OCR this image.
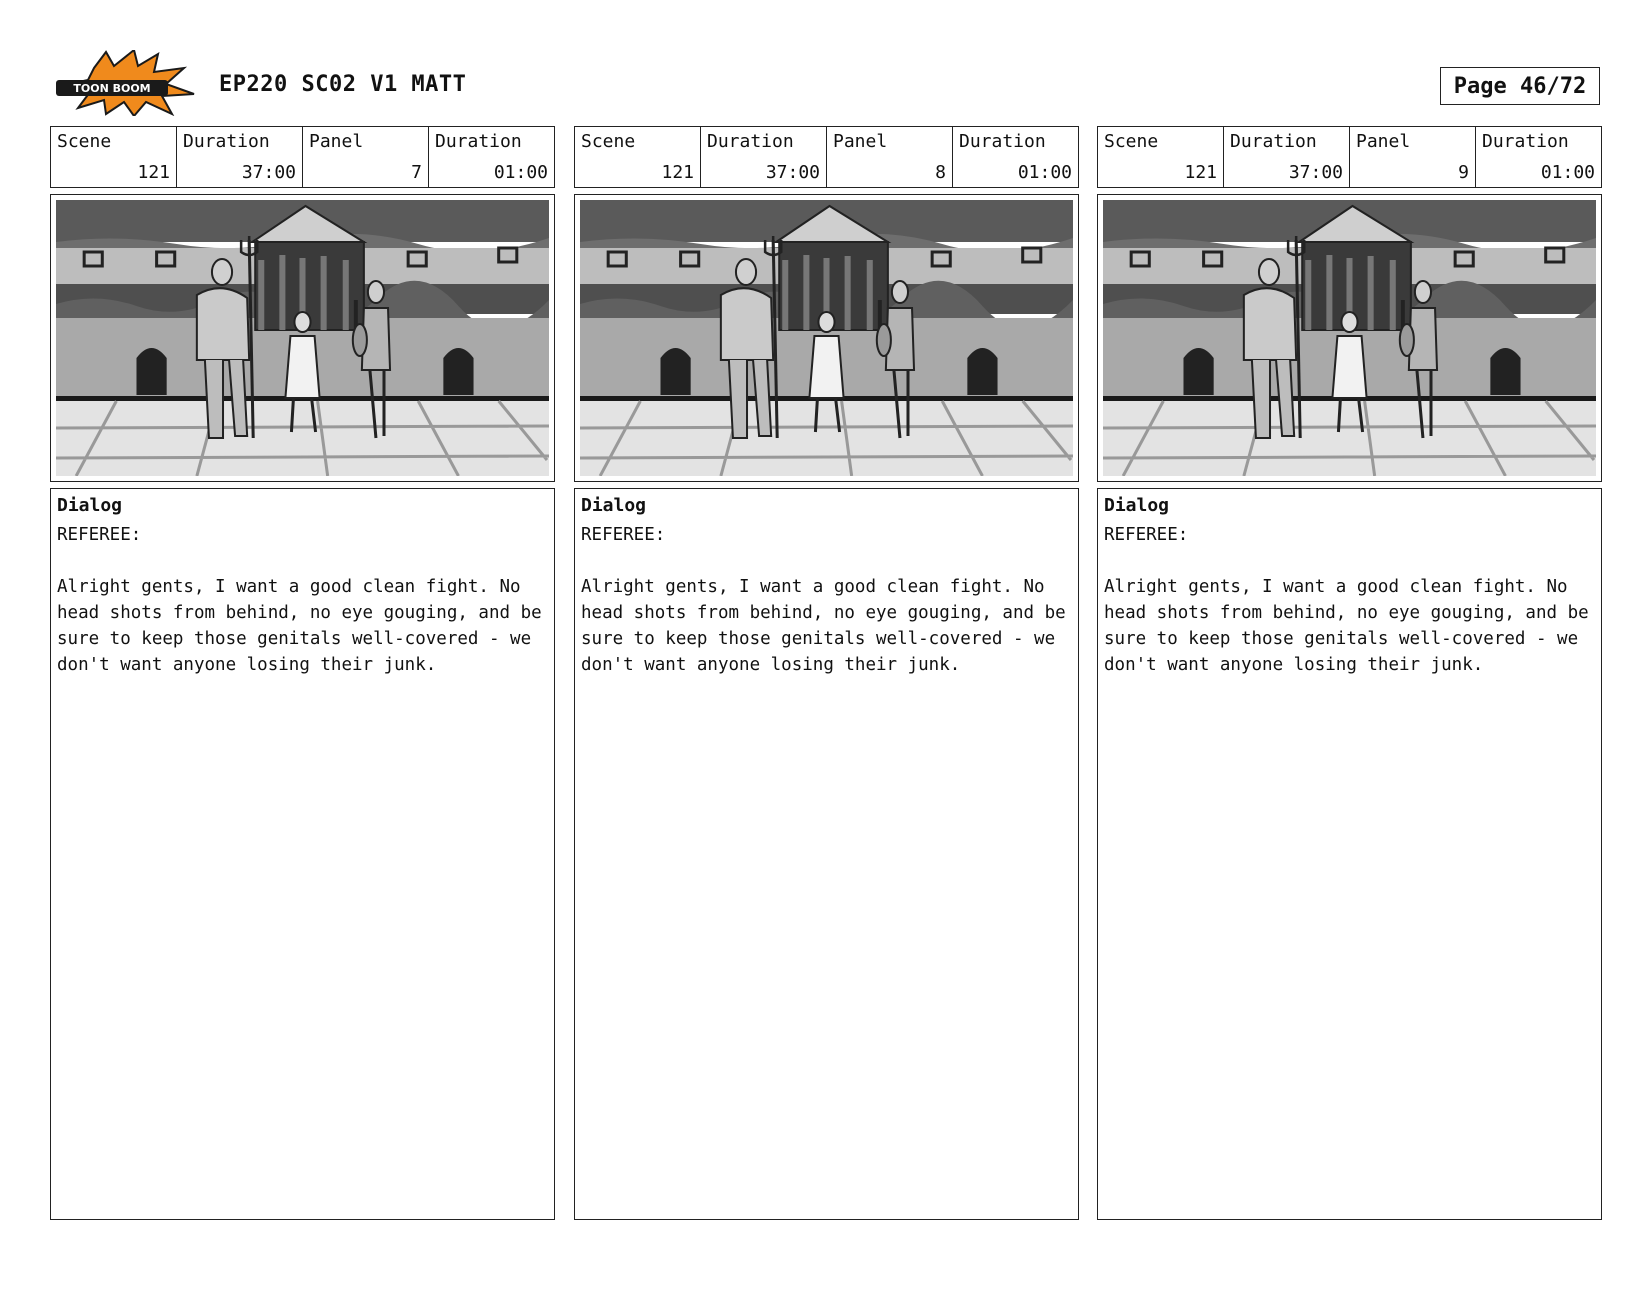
TOON BOOM	EP220 SC02 V1 MATT	Page 46/72
Scene
121
Duration
37:00
Panel
7
Duration
01:00
Dialog
REFEREE:
Alright gents, I want a good clean fight. No head shots from behind, no eye gouging, and be sure to keep those genitals well-covered - we don't want anyone losing their junk.
Scene
121
Duration
37:00
Panel
8
Duration
01:00
Dialog
REFEREE:
Alright gents, I want a good clean fight. No head shots from behind, no eye gouging, and be sure to keep those genitals well-covered - we don't want anyone losing their junk.
Scene
121
Duration
37:00
Panel
9
Duration
01:00
Dialog
REFEREE:
Alright gents, I want a good clean fight. No head shots from behind, no eye gouging, and be sure to keep those genitals well-covered - we don't want anyone losing their junk.
